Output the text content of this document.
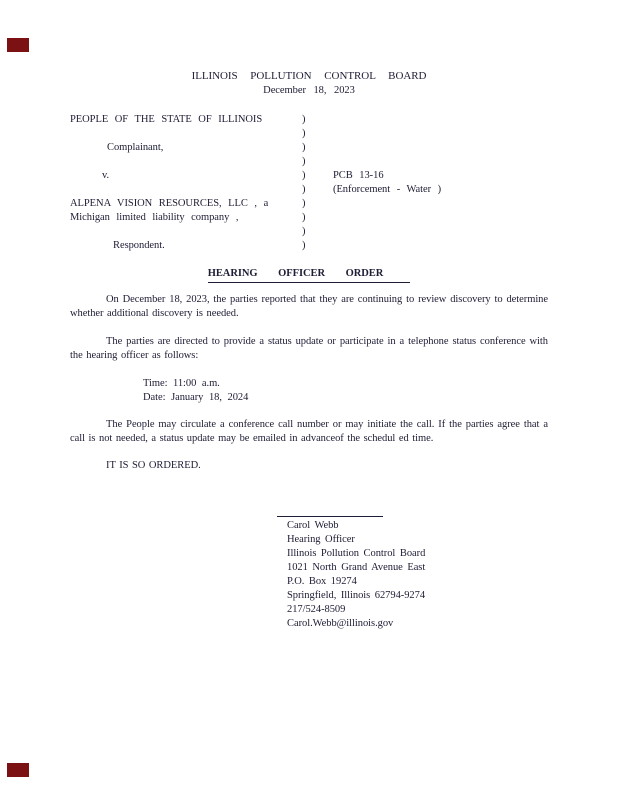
ILLINOIS POLLUTION CONTROL BOARD
December 18, 2023
PEOPLE OF THE STATE OF ILLINOIS	)
)
Complainant,	)
)
v.	)	PCB 13-16
)	(Enforcement - Water )
ALPENA VISION RESOURCES, LLC , a	)
Michigan limited liability company ,	)
)
Respondent.	)
HEARING OFFICER ORDER
On December 18, 2023, the parties reported that they are continuing to review discovery to determine whether additional discovery is needed.
The parties are directed to provide a status update or participate in a telephone status conference with the hearing officer as follows:
Time: 11:00 a.m.
Date: January 18, 2024
The People may circulate a conference call number or may initiate the call. If the parties agree that a call is not needed, a status update may be emailed in advanceof the schedul ed time.
IT IS SO ORDERED.
Carol Webb
Hearing Officer
Illinois Pollution Control Board
1021 North Grand Avenue East
P.O. Box 19274
Springfield, Illinois 62794-9274
217/524-8509
Carol.Webb@illinois.gov
